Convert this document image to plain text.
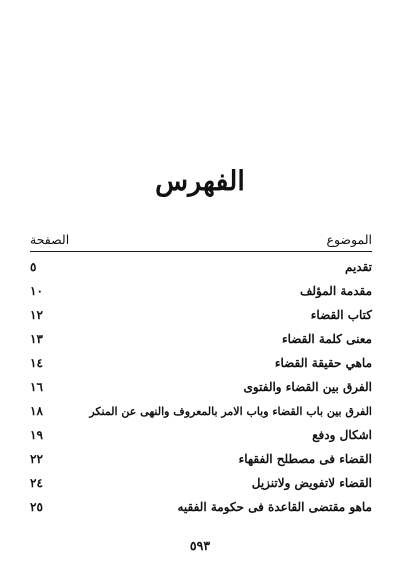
الفهرس
الموضوع
الصفحة
تقديم
٥
مقدمة المؤلف
١٠
كتاب القضاء
١٢
معنى كلمة القضاء
١٣
ماهي حقيقة القضاء
١٤
الفرق بين القضاء والفتوى
١٦
الفرق بين باب القضاء وباب الامر بالمعروف والنهى عن المنكر
١٨
اشكال ودفع
١٩
القضاء فى مصطلح الفقهاء
٢٢
القضاء لاتفويض ولاتنزيل
٢٤
ماهو مقتضى القاعدة فى حكومة الفقيه
٢٥
٥٩٣
